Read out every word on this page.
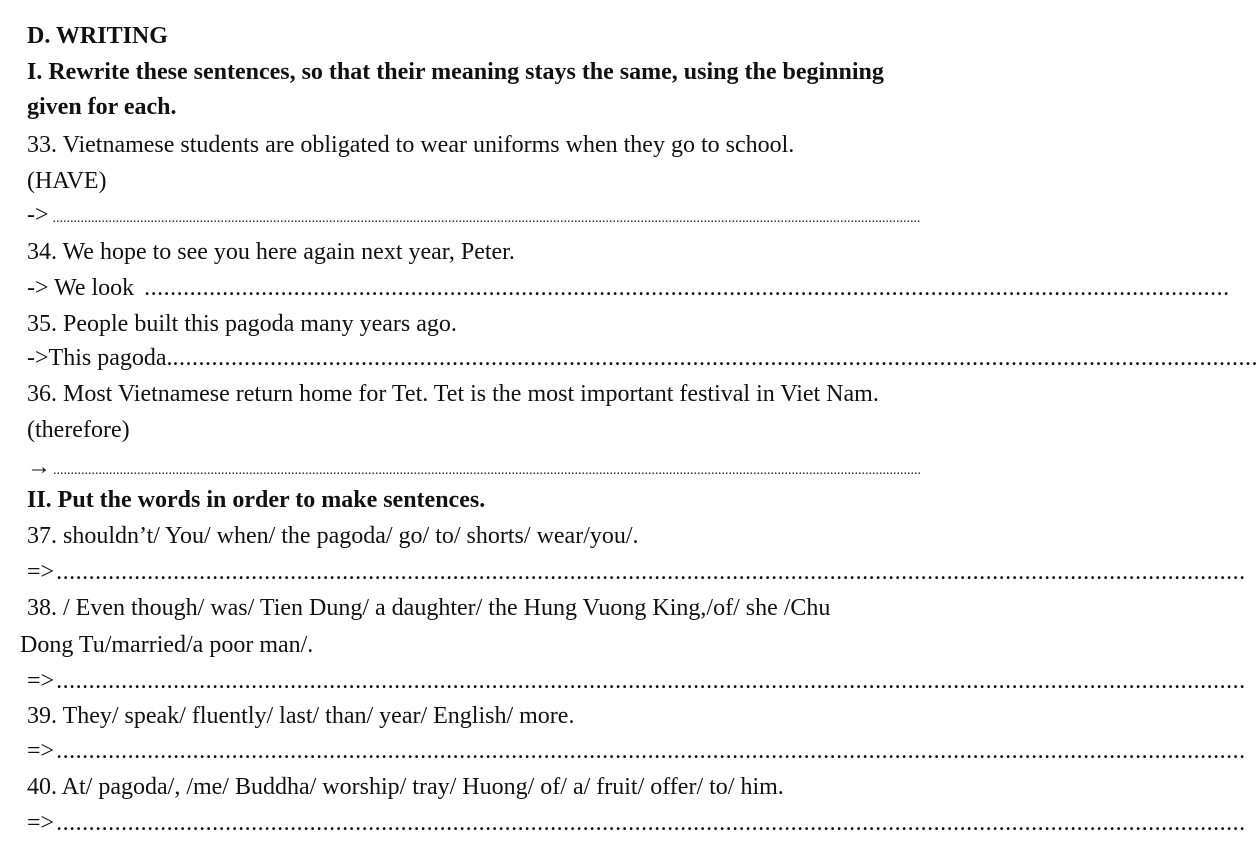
D. WRITING
I. Rewrite these sentences, so that their meaning stays the same, using the beginning
given for each.
33. Vietnamese students are obligated to wear uniforms when they go to school.
(HAVE)
-> ........................................................................................................................................................................................................................................................
34. We hope to see you here again next year, Peter.
-> We look .......................................................................................................................................................................
35. People built this pagoda many years ago.
->This pagoda. .......................................................................................................................................................................
36. Most Vietnamese return home for Tet. Tet is the most important festival in Viet Nam.
(therefore)
→ ........................................................................................................................................................................................................................................................
II. Put the words in order to make sentences.
37. shouldn’t/ You/ when/ the pagoda/ go/ to/ shorts/ wear/you/.
=> .......................................................................................................................................................................................
38. / Even though/ was/ Tien Dung/ a daughter/ the Hung Vuong King,/of/ she /Chu
Dong Tu/married/a poor man/.
=> .......................................................................................................................................................................................
39. They/ speak/ fluently/ last/ than/ year/ English/ more.
=> .......................................................................................................................................................................................
40. At/ pagoda/, /me/ Buddha/ worship/ tray/ Huong/ of/ a/ fruit/ offer/ to/ him.
=> .......................................................................................................................................................................................
